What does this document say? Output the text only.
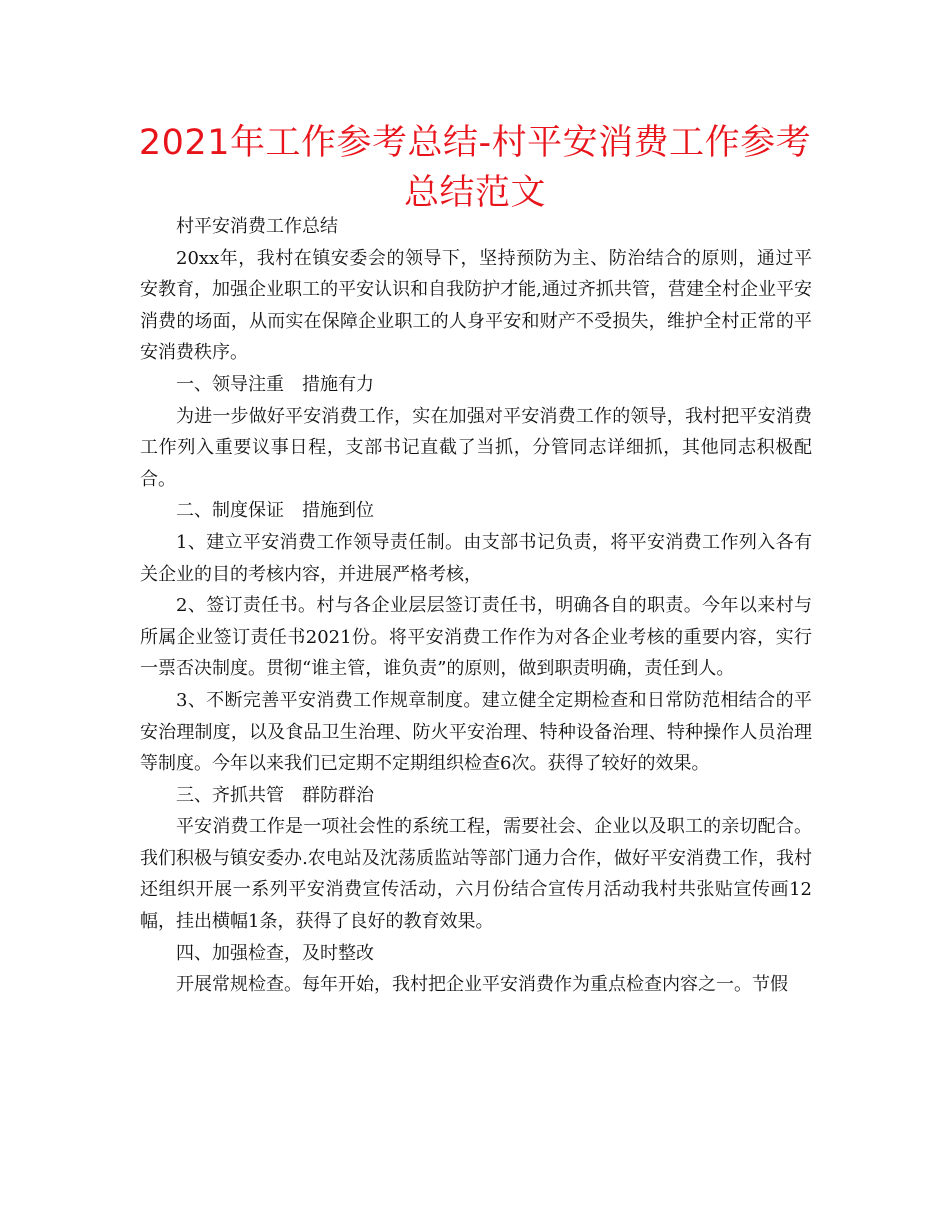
2021年工作参考总结-村平安消费工作参考总结范文

村平安消费工作总结

20xx年，我村在镇安委会的领导下，坚持预防为主、防治结合的原则，通过平安教育，加强企业职工的平安认识和自我防护才能,通过齐抓共管，营建全村企业平安消费的场面，从而实在保障企业职工的人身平安和财产不受损失，维护全村正常的平安消费秩序。

一、领导注重　措施有力

为进一步做好平安消费工作，实在加强对平安消费工作的领导，我村把平安消费工作列入重要议事日程，支部书记直截了当抓，分管同志详细抓，其他同志积极配合。

二、制度保证　措施到位

1、建立平安消费工作领导责任制。由支部书记负责，将平安消费工作列入各有关企业的目的考核内容，并进展严格考核，

2、签订责任书。村与各企业层层签订责任书，明确各自的职责。今年以来村与所属企业签订责任书2021份。将平安消费工作作为对各企业考核的重要内容，实行一票否决制度。贯彻“谁主管，谁负责”的原则，做到职责明确，责任到人。

3、不断完善平安消费工作规章制度。建立健全定期检查和日常防范相结合的平安治理制度，以及食品卫生治理、防火平安治理、特种设备治理、特种操作人员治理等制度。今年以来我们已定期不定期组织检查6次。获得了较好的效果。

三、齐抓共管　群防群治

平安消费工作是一项社会性的系统工程，需要社会、企业以及职工的亲切配合。我们积极与镇安委办.农电站及沈荡质监站等部门通力合作，做好平安消费工作，我村还组织开展一系列平安消费宣传活动，六月份结合宣传月活动我村共张贴宣传画12幅，挂出横幅1条，获得了良好的教育效果。

四、加强检查，及时整改

开展常规检查。每年开始，我村把企业平安消费作为重点检查内容之一。节假
